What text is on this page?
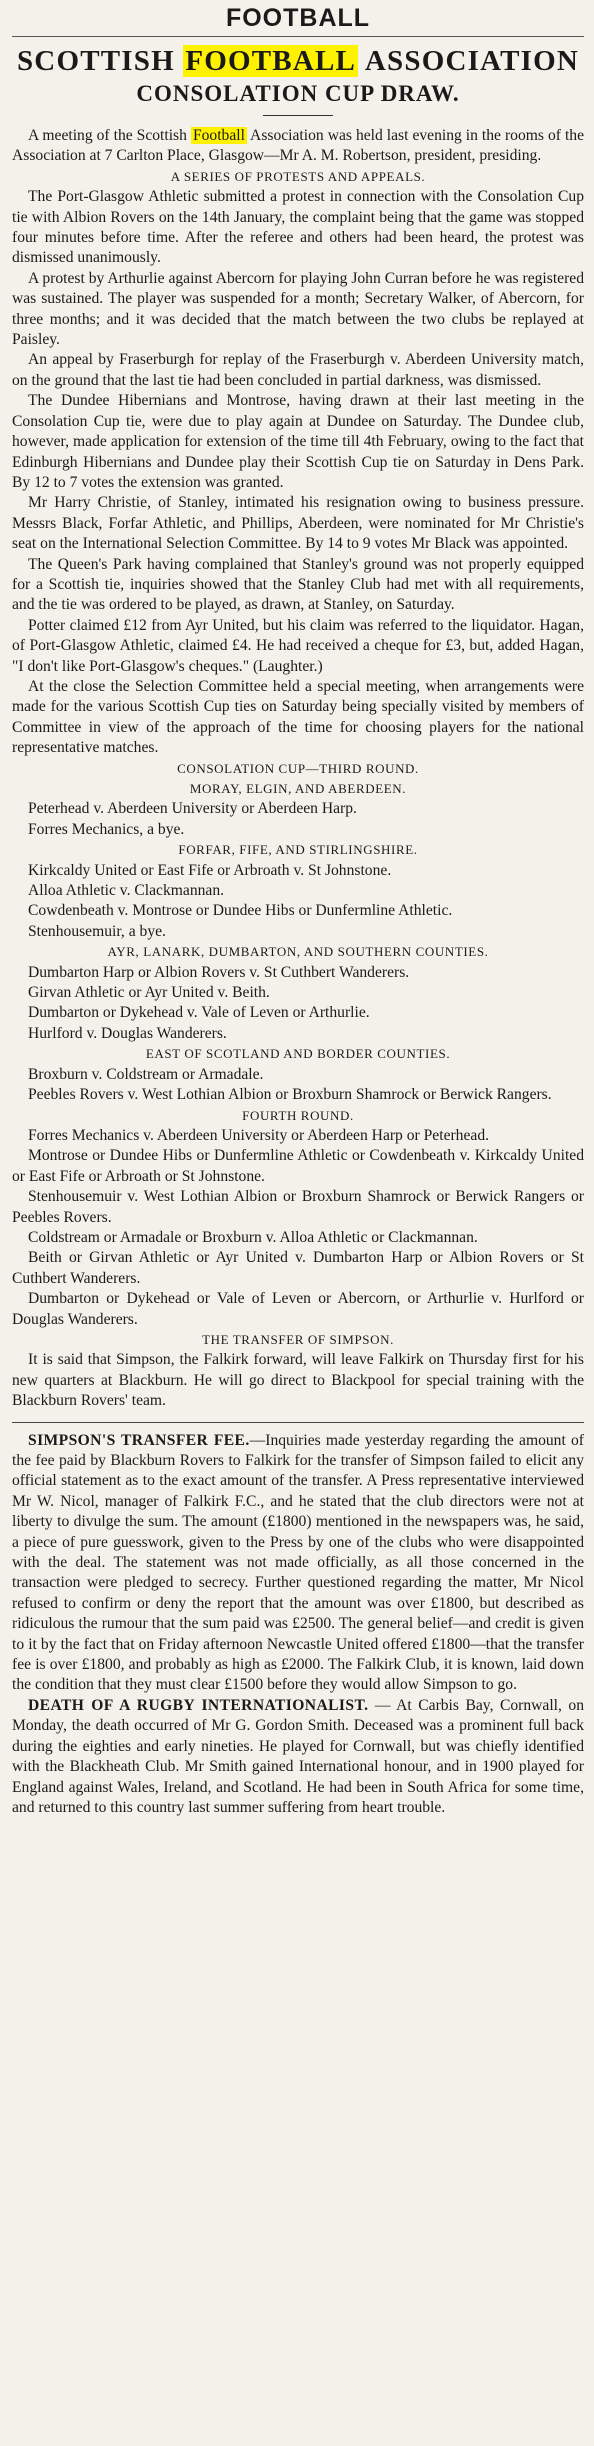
FOOTBALL
SCOTTISH FOOTBALL ASSOCIATION
CONSOLATION CUP DRAW.

A meeting of the Scottish Football Association was held last evening in the rooms of the Association at 7 Carlton Place, Glasgow—Mr A. M. Robertson, president, presiding.

A SERIES OF PROTESTS AND APPEALS.

The Port-Glasgow Athletic submitted a protest in connection with the Consolation Cup tie with Albion Rovers on the 14th January, the complaint being that the game was stopped four minutes before time. After the referee and others had been heard, the protest was dismissed unanimously.

A protest by Arthurlie against Abercorn for playing John Curran before he was registered was sustained. The player was suspended for a month; Secretary Walker, of Abercorn, for three months; and it was decided that the match between the two clubs be replayed at Paisley.

An appeal by Fraserburgh for replay of the Fraserburgh v. Aberdeen University match, on the ground that the last tie had been concluded in partial darkness, was dismissed.

The Dundee Hibernians and Montrose, having drawn at their last meeting in the Consolation Cup tie, were due to play again at Dundee on Saturday. The Dundee club, however, made application for extension of the time till 4th February, owing to the fact that Edinburgh Hibernians and Dundee play their Scottish Cup tie on Saturday in Dens Park. By 12 to 7 votes the extension was granted.

Mr Harry Christie, of Stanley, intimated his resignation owing to business pressure. Messrs Black, Forfar Athletic, and Phillips, Aberdeen, were nominated for Mr Christie's seat on the International Selection Committee. By 14 to 9 votes Mr Black was appointed.

The Queen's Park having complained that Stanley's ground was not properly equipped for a Scottish tie, inquiries showed that the Stanley Club had met with all requirements, and the tie was ordered to be played, as drawn, at Stanley, on Saturday.

Potter claimed £12 from Ayr United, but his claim was referred to the liquidator. Hagan, of Port-Glasgow Athletic, claimed £4. He had received a cheque for £3, but, added Hagan, "I don't like Port-Glasgow's cheques." (Laughter.)

At the close the Selection Committee held a special meeting, when arrangements were made for the various Scottish Cup ties on Saturday being specially visited by members of Committee in view of the approach of the time for choosing players for the national representative matches.

CONSOLATION CUP—THIRD ROUND.

MORAY, ELGIN, AND ABERDEEN.

Peterhead v. Aberdeen University or Aberdeen Harp.

Forres Mechanics, a bye.

FORFAR, FIFE, AND STIRLINGSHIRE.

Kirkcaldy United or East Fife or Arbroath v. St Johnstone.

Alloa Athletic v. Clackmannan.

Cowdenbeath v. Montrose or Dundee Hibs or Dunfermline Athletic.

Stenhousemuir, a bye.

AYR, LANARK, DUMBARTON, AND SOUTHERN COUNTIES.

Dumbarton Harp or Albion Rovers v. St Cuthbert Wanderers.

Girvan Athletic or Ayr United v. Beith.

Dumbarton or Dykehead v. Vale of Leven or Arthurlie.

Hurlford v. Douglas Wanderers.

EAST OF SCOTLAND AND BORDER COUNTIES.

Broxburn v. Coldstream or Armadale.

Peebles Rovers v. West Lothian Albion or Broxburn Shamrock or Berwick Rangers.

FOURTH ROUND.

Forres Mechanics v. Aberdeen University or Aberdeen Harp or Peterhead.

Montrose or Dundee Hibs or Dunfermline Athletic or Cowdenbeath v. Kirkcaldy United or East Fife or Arbroath or St Johnstone.

Stenhousemuir v. West Lothian Albion or Broxburn Shamrock or Berwick Rangers or Peebles Rovers.

Coldstream or Armadale or Broxburn v. Alloa Athletic or Clackmannan.

Beith or Girvan Athletic or Ayr United v. Dumbarton Harp or Albion Rovers or St Cuthbert Wanderers.

Dumbarton or Dykehead or Vale of Leven or Abercorn, or Arthurlie v. Hurlford or Douglas Wanderers.

THE TRANSFER OF SIMPSON.

It is said that Simpson, the Falkirk forward, will leave Falkirk on Thursday first for his new quarters at Blackburn. He will go direct to Blackpool for special training with the Blackburn Rovers' team.

SIMPSON'S TRANSFER FEE.—Inquiries made yesterday regarding the amount of the fee paid by Blackburn Rovers to Falkirk for the transfer of Simpson failed to elicit any official statement as to the exact amount of the transfer. A Press representative interviewed Mr W. Nicol, manager of Falkirk F.C., and he stated that the club directors were not at liberty to divulge the sum. The amount (£1800) mentioned in the newspapers was, he said, a piece of pure guesswork, given to the Press by one of the clubs who were disappointed with the deal. The statement was not made officially, as all those concerned in the transaction were pledged to secrecy. Further questioned regarding the matter, Mr Nicol refused to confirm or deny the report that the amount was over £1800, but described as ridiculous the rumour that the sum paid was £2500. The general belief—and credit is given to it by the fact that on Friday afternoon Newcastle United offered £1800—that the transfer fee is over £1800, and probably as high as £2000. The Falkirk Club, it is known, laid down the condition that they must clear £1500 before they would allow Simpson to go.

DEATH OF A RUGBY INTERNATIONALIST. — At Carbis Bay, Cornwall, on Monday, the death occurred of Mr G. Gordon Smith. Deceased was a prominent full back during the eighties and early nineties. He played for Cornwall, but was chiefly identified with the Blackheath Club. Mr Smith gained International honour, and in 1900 played for England against Wales, Ireland, and Scotland. He had been in South Africa for some time, and returned to this country last summer suffering from heart trouble.
